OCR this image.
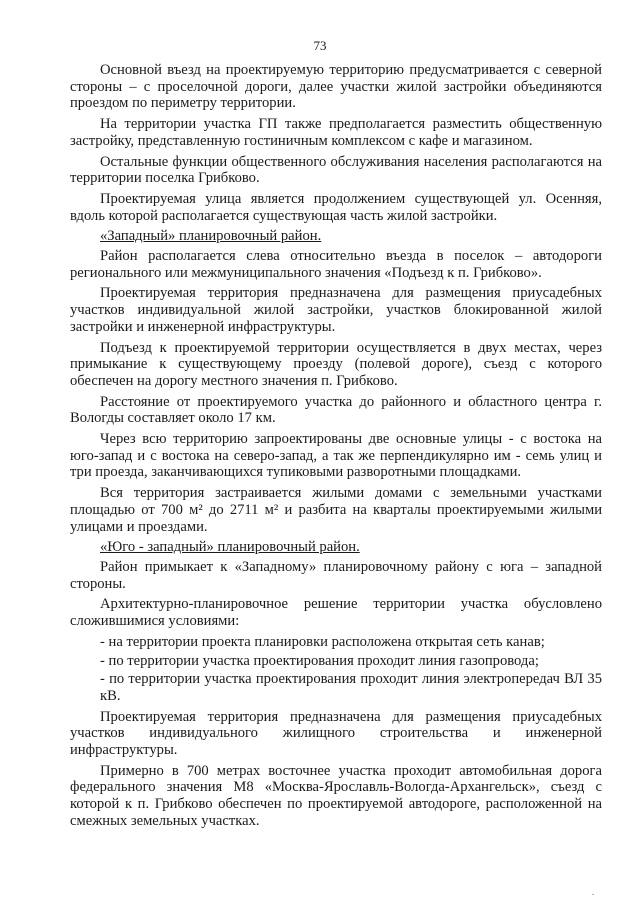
73

Основной въезд на проектируемую территорию предусматривается с северной стороны – с проселочной дороги, далее участки жилой застройки объединяются проездом по периметру территории.

На территории участка ГП также предполагается разместить общественную застройку, представленную гостиничным комплексом с кафе и магазином.

Остальные функции общественного обслуживания населения располагаются на территории поселка Грибково.

Проектируемая улица является продолжением существующей ул. Осенняя, вдоль которой располагается существующая часть жилой застройки.

«Западный» планировочный район.

Район располагается слева относительно въезда в поселок – автодороги регионального или межмуниципального значения «Подъезд к п. Грибково».

Проектируемая территория предназначена для размещения приусадебных участков индивидуальной жилой застройки, участков блокированной жилой застройки и инженерной инфраструктуры.

Подъезд к проектируемой территории осуществляется в двух местах, через примыкание к существующему проезду (полевой дороге), съезд с которого обеспечен на дорогу местного значения п. Грибково.

Расстояние от проектируемого участка до районного и областного центра г. Вологды составляет около 17 км.

Через всю территорию запроектированы две основные улицы - с востока на юго-запад и с востока на северо-запад, а так же перпендикулярно им - семь улиц и три проезда, заканчивающихся тупиковыми разворотными площадками.

Вся территория застраивается жилыми домами с земельными участками площадью от 700 м² до 2711 м² и разбита на кварталы проектируемыми жилыми улицами и проездами.

«Юго - западный» планировочный район.

Район примыкает к «Западному» планировочному району с юга – западной стороны.

Архитектурно-планировочное решение территории участка обусловлено сложившимися условиями:

- на территории проекта планировки расположена открытая сеть канав;

- по территории участка проектирования проходит линия газопровода;

- по территории участка проектирования проходит линия электропередач ВЛ 35 кВ.

Проектируемая территория предназначена для размещения приусадебных участков индивидуального жилищного строительства и инженерной инфраструктуры.

Примерно в 700 метрах восточнее участка проходит автомобильная дорога федерального значения М8 «Москва-Ярославль-Вологда-Архангельск», съезд с которой к п. Грибково обеспечен по проектируемой автодороге, расположенной на смежных земельных участках.

.
